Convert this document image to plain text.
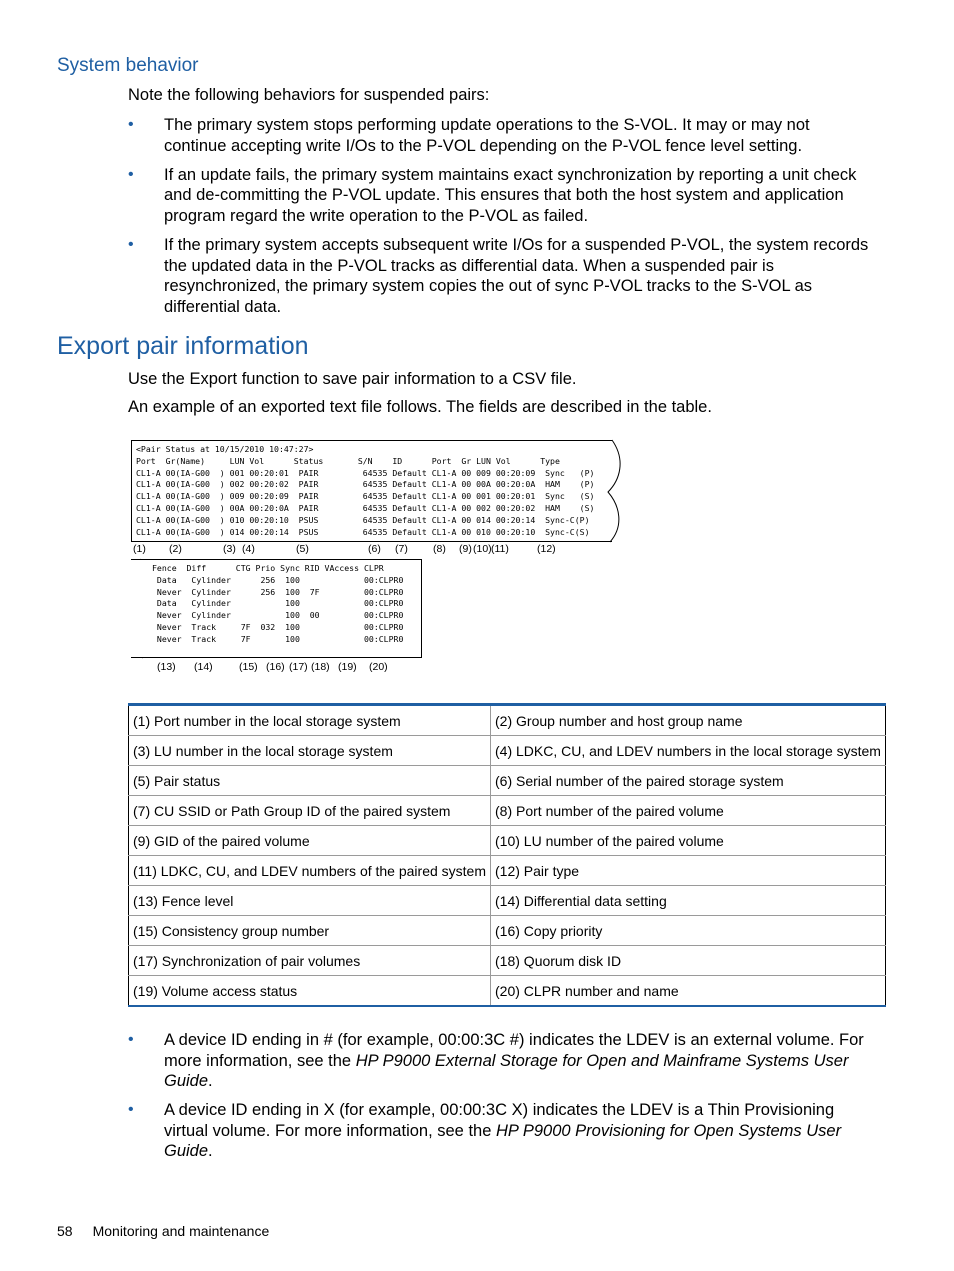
System behavior
Note the following behaviors for suspended pairs:
• The primary system stops performing update operations to the S-VOL. It may or may not continue accepting write I/Os to the P-VOL depending on the P-VOL fence level setting.
• If an update fails, the primary system maintains exact synchronization by reporting a unit check and de-committing the P-VOL update. This ensures that both the host system and application program regard the write operation to the P-VOL as failed.
• If the primary system accepts subsequent write I/Os for a suspended P-VOL, the system records the updated data in the P-VOL tracks as differential data. When a suspended pair is resynchronized, the primary system copies the out of sync P-VOL tracks to the S-VOL as differential data.
Export pair information
Use the Export function to save pair information to a CSV file.
An example of an exported text file follows. The fields are described in the table.
<Pair Status at 10/15/2010 10:47:27>
Port  Gr(Name)     LUN Vol      Status       S/N    ID      Port  Gr LUN Vol      Type
CL1-A 00(IA-G00  ) 001 00:20:01  PAIR         64535 Default CL1-A 00 009 00:20:09  Sync   (P)
CL1-A 00(IA-G00  ) 002 00:20:02  PAIR         64535 Default CL1-A 00 00A 00:20:0A  HAM    (P)
CL1-A 00(IA-G00  ) 009 00:20:09  PAIR         64535 Default CL1-A 00 001 00:20:01  Sync   (S)
CL1-A 00(IA-G00  ) 00A 00:20:0A  PAIR         64535 Default CL1-A 00 002 00:20:02  HAM    (S)
CL1-A 00(IA-G00  ) 010 00:20:10  PSUS         64535 Default CL1-A 00 014 00:20:14  Sync-C(P)
CL1-A 00(IA-G00  ) 014 00:20:14  PSUS         64535 Default CL1-A 00 010 00:20:10  Sync-C(S)
(1) (2)	(3) (4)	(5)	(6) (7) (8) (9) (10) (11)	(12)
Fence  Diff      CTG Prio Sync RID VAccess CLPR
Data   Cylinder      256  100             00:CLPR0
Never  Cylinder      256  100  7F         00:CLPR0
Data   Cylinder           100             00:CLPR0
Never  Cylinder           100  00         00:CLPR0
Never  Track     7F  032  100             00:CLPR0
Never  Track     7F       100             00:CLPR0
(13) (14)	(15) (16) (17) (18) (19) (20)
(1) Port number in the local storage system	(2) Group number and host group name
(3) LU number in the local storage system	(4) LDKC, CU, and LDEV numbers in the local storage system
(5) Pair status	(6) Serial number of the paired storage system
(7) CU SSID or Path Group ID of the paired system	(8) Port number of the paired volume
(9) GID of the paired volume	(10) LU number of the paired volume
(11) LDKC, CU, and LDEV numbers of the paired system	(12) Pair type
(13) Fence level	(14) Differential data setting
(15) Consistency group number	(16) Copy priority
(17) Synchronization of pair volumes	(18) Quorum disk ID
(19) Volume access status	(20) CLPR number and name
• A device ID ending in # (for example, 00:00:3C #) indicates the LDEV is an external volume. For more information, see the HP P9000 External Storage for Open and Mainframe Systems User Guide.
• A device ID ending in X (for example, 00:00:3C X) indicates the LDEV is a Thin Provisioning virtual volume. For more information, see the HP P9000 Provisioning for Open Systems User Guide.
58 Monitoring and maintenance
